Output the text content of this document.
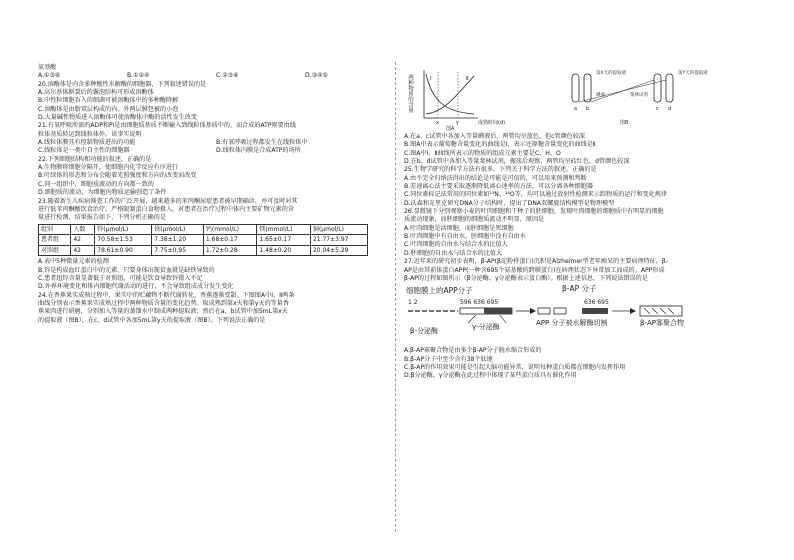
氨基酸
A.①③⑥	B.①②④	C.②③⑥	D.③④⑤
20.溶酶体是内含多种酸性水解酶的细胞器，下列叙述错误的是
A.高尔基体断裂后的囊泡结构可形成溶酶体
B.中性粒细胞吞入的细菌可被溶酶体中的多种酶降解
C.溶酶体是由脂双层构成的内、外两层膜包被的小泡
D.大量碱性物质进入溶酶体可使溶酶体中酶的活性发生改变
21.有氧呼吸所需的ADP和Pi是由细胞质基质不断输入到线粒体基质中的，而合成的ATP则要由线
粒体基质转运到线粒体外。该事实说明
A.线粒体膜具有控制物质进出的功能	B.有氧呼吸过程都发生在线粒体中
C.线粒体是一类中自主性的细胞器	D.线粒体内膜是合成ATP的场所
22.下列细胞结构和功能的叙述，正确的是
A.生物膜将细胞分隔开，使细胞内化学反应有序进行
B.叶绿体的形态和分布会随着光照强度和方向的改变而改变
C.同一组织中，细胞质流动的方向都一致的
D.细胞质的流动，为细胞内物质运输创造了条件
23.随着新生儿疾病筛查工作的广泛开展，越来越多的苯丙酮尿症患者被早期确诊，并可及时对其
进行低苯丙酮酸饮食治疗，严格限制蛋白食物摄入。对患者在治疗过程中体内主要矿物元素的含
量进行检测，结果报告如下，下列分析正确的是
组别	人数	锌(μmol/L)	铁(μmol/L)	钙(mmol/L)	镁(mmol/L)	铜(μmol/L)
患者组	42	70.58±1.53	7.38±1.20	1.68±0.17	1.65±0.17	21.77±3.97
对照组	42	78.61±0.90	7.75±0.95	1.72±0.28	1.48±0.20	20.04±5.29
A.表中5种微量元素的检测
B.锌是构成血红蛋白中的元素，只要身体出现贫血就是缺铁导致的
C.患者组锌含量显著低于对照组，可能是饮食导致锌摄入不足
D.外界环境变化和体内细胞代谢活动的进行，不会导致组成成分发生变化
24.在香蕉果实成熟过程中，果实中的贮藏物不断代谢转化，香蕉逐渐变甜。下图图A中Ⅰ、Ⅱ两条
曲线分别表示香蕉果实成熟过程中两种物质含量的变化趋势。取成熟到第x天和第y天的等量香
蕉果肉进行研磨，分别加入等量的蒸馏水中制成两种提取液；然后在a、b试管中加5mL第x天
的提取液（图B），在c、d试管中各加5mL第y天的提取液（图B）。下列说法正确的是
两种物质的含量	Ⅰ	Ⅱ
x	y	成熟时间(d)
图A
a b	c d
第X天的提取液	第Y天的提取液
碘液	斐林试剂
图B
A.在a、c试管中各加入等量碘液后，两管均呈蓝色，但c管颜色较深
B.图A中表示葡萄糖含量变化的曲线是Ⅰ，表示还原糖含量变化的曲线是Ⅱ
C.图A中Ⅰ、Ⅱ曲线所表示的物质的组成元素主要是C、H、O
D.在b、d试管中各加入等量斐林试剂，振荡后观察，两管均呈砖红色，d管颜色较深
25.生物学研究的科学方法有很多，下列关于科学方法的叙述，正确的是
A.由不完全归纳法得出的结论是可能是可信的，可以用来预测和判断
B.差速离心法主要采取逐渐降低离心速率的方法，可以分离各种细胞器
C.同位素标记法常用的同位素如¹⁵N、¹⁸O等，均可以通过放射性检测来示踪物质的运行和变化规律
D.沃森和克里克研究DNA分子结构时，提出了DNA双螺旋结构模型是物理模型
26.显微镜下分别观察小麦的叶肉细胞和干种子的胚细胞，发现叶肉细胞的细胞质中有明显的细胞
质流动现象，而胚细胞的细胞质流动不明显，原因是
A.叶肉细胞是活细胞，而胚细胞是死细胞
B.叶肉细胞中有自由水，胚细胞中没有自由水
C.叶肉细胞的自由水与结合水的比值大
D.胚细胞的自由水与结合水的比值大
27.近年来的研究初步表明，β-AP(β淀粉样蛋白)沉积是Alzheimer型老年痴呆的主要病理特征。β-
AP是由其前体蛋白APP(一种含695个氨基酸的跨膜蛋白)在病理状态下异常加工而成的。APP形成
β-AP的过程如图所示（β分泌酶、γ分泌酶表示蛋白酶）。根据上述信息，下列说法错误的是
细胞膜上的APP分子	β-AP 分子
1 2	596 636 695	636 695
β-分泌酶	γ-分泌酶	APP 分子被水解酶切割	β-AP寡聚合物
A.β-AP寡聚合物是由多个β-AP分子脱水缩合形成的
B.β-AP分子中至少含有38个肽键
C.β-AP的作用效果可能是引起大脑功能异常，说明每种蛋白质都在细胞内发挥作用
D.β分泌酶、γ分泌酶在此过程中体现了某些蛋白质具有催化作用
